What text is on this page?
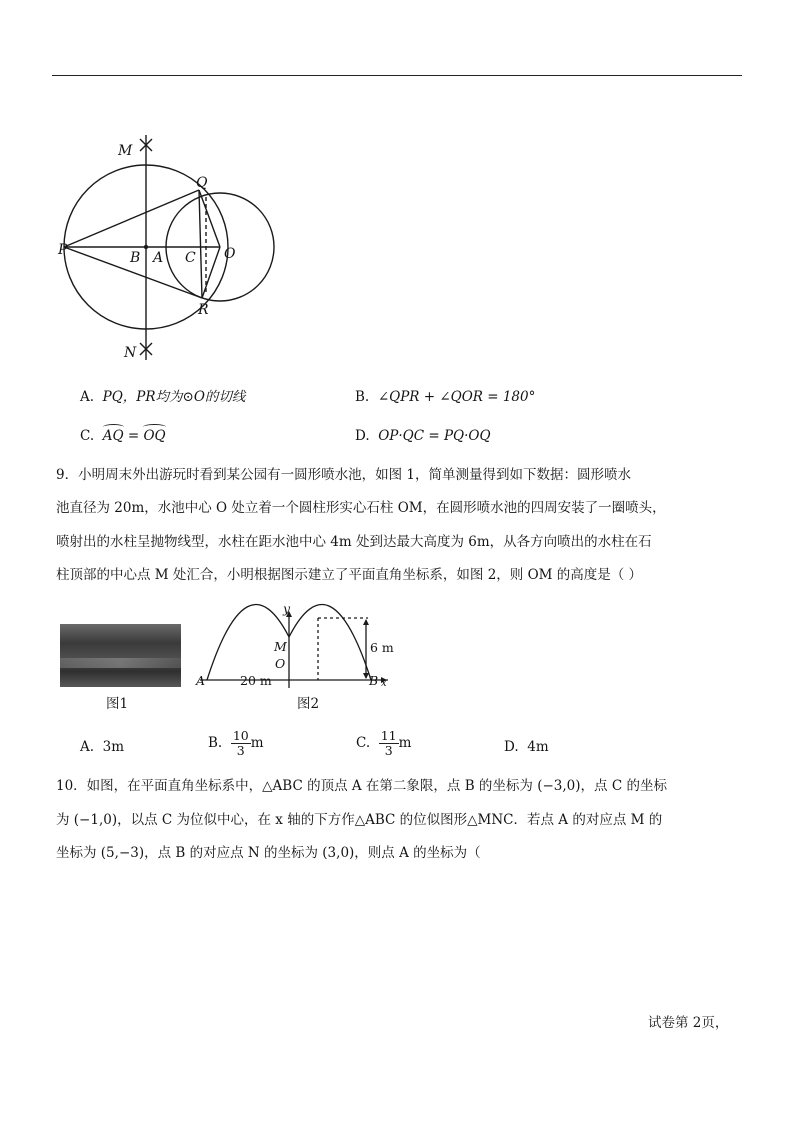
M
N
P
Q
R
B A C O
A. PQ，PR均为⊙O的切线	B. ∠QPR + ∠QOR = 180°
C. AQ = OQ	D. OP·QC = PQ·OQ
9．小明周末外出游玩时看到某公园有一圆形喷水池，如图 1，简单测量得到如下数据：圆形喷水
池直径为 20m，水池中心 O 处立着一个圆柱形实心石柱 OM，在圆形喷水池的四周安装了一圈喷头，
喷射出的水柱呈抛物线型，水柱在距水池中心 4m 处到达最大高度为 6m，从各方向喷出的水柱在石
柱顶部的中心点 M 处汇合，小明根据图示建立了平面直角坐标系，如图 2，则 OM 的高度是（ ）
图1
y
M
O
A	B x
6 m
20 m
图2
A. 3m	B. $\frac{10}{3}$ m	C. $\frac{11}{3}$ m	D. 4m
10．如图，在平面直角坐标系中，△ABC 的顶点 A 在第二象限，点 B 的坐标为 (−3,0)，点 C 的坐标
为 (−1,0)，以点 C 为位似中心，在 x 轴的下方作△ABC 的位似图形△MNC．若点 A 的对应点 M 的
坐标为 (5,−3)，点 B 的对应点 N 的坐标为 (3,0)，则点 A 的坐标为（
试卷第 2页，
